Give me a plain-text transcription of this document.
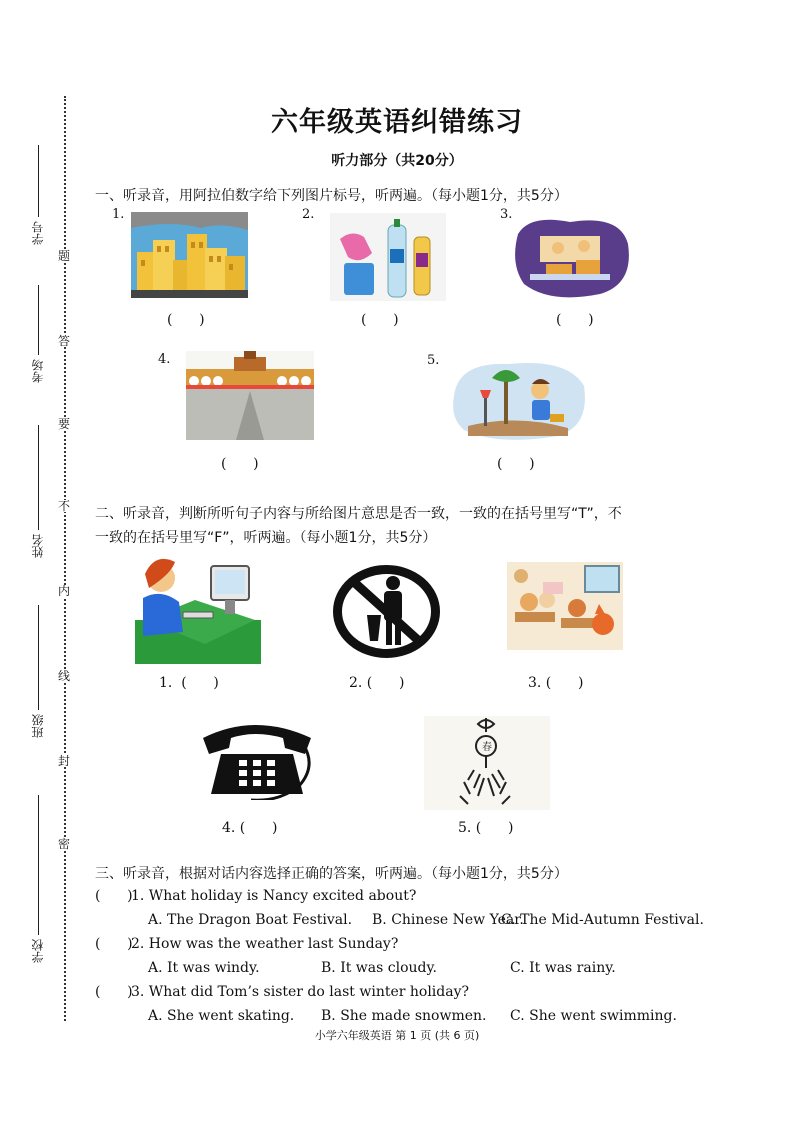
题
答
要
不
内
线
封
密
学号
考场
姓名
班级
学校
六年级英语纠错练习
听力部分（共20分）
一、听录音，用阿拉伯数字给下列图片标号，听两遍。（每小题1分，共5分）
1.
(      )
2.
(      )
3.
(      )
4.
(      )
5.
(      )
二、听录音，判断所听句子内容与所给图片意思是否一致，一致的在括号里写“T”，不
一致的在括号里写“F”，听两遍。（每小题1分，共5分）
1.  (      )	2. (      )	3. (      )
4. (      )
春
5. (      )
三、听录音，根据对话内容选择正确的答案，听两遍。（每小题1分，共5分）
(      )
1. What holiday is Nancy excited about?
A. The Dragon Boat Festival. B. Chinese New Year.
C. The Mid-Autumn Festival.
(      )
2. How was the weather last Sunday?
A. It was windy.	B. It was cloudy.	C. It was rainy.
(      )
3. What did Tom’s sister do last winter holiday?
A. She went skating. B. She made snowmen. C. She went swimming.
小学六年级英语 第 1 页 (共 6 页)
